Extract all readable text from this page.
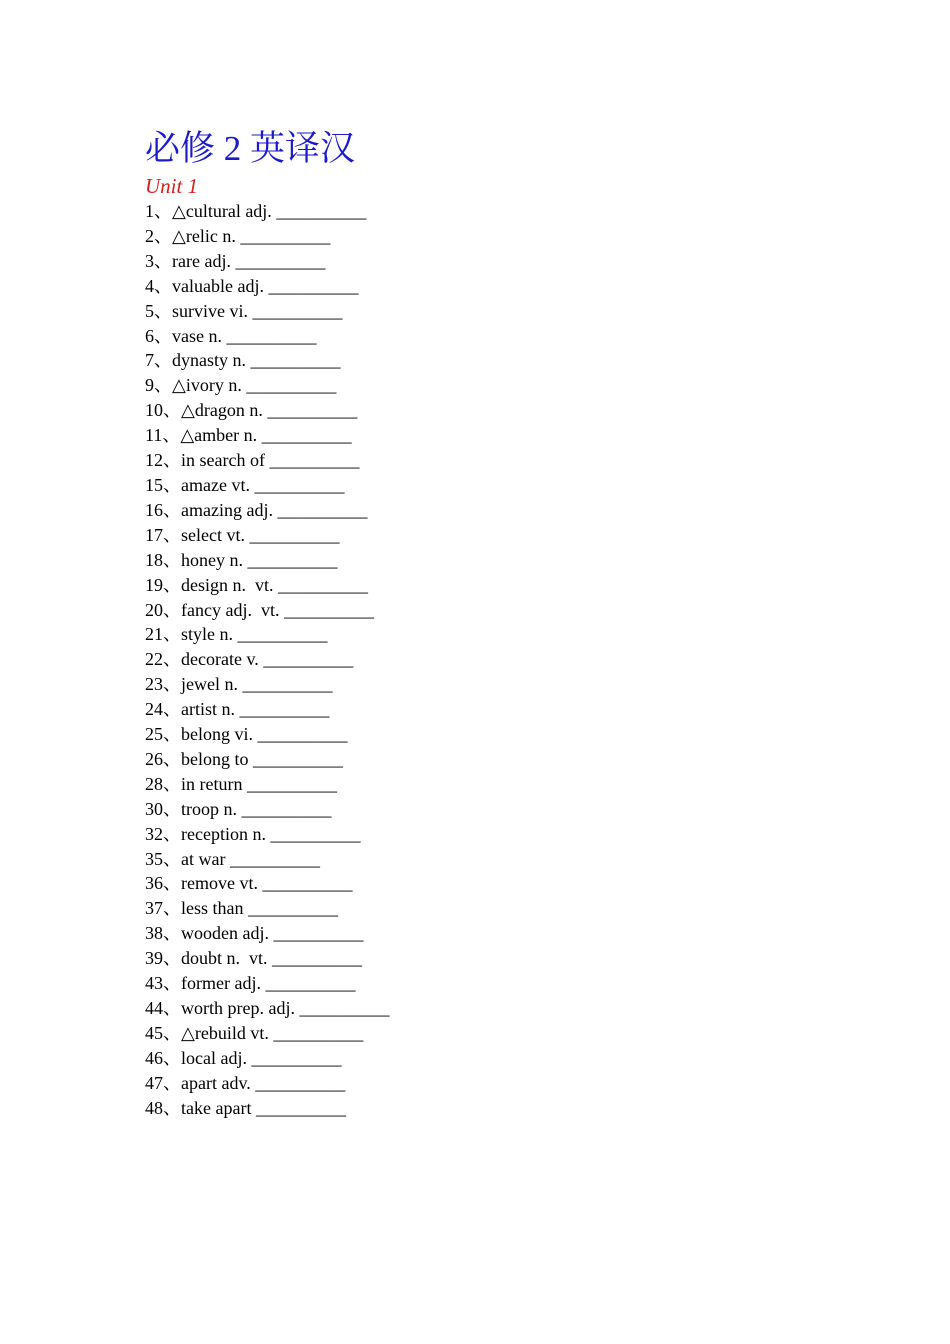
必修 2 英译汉
Unit 1
1、△cultural adj. __________
2、△relic n. __________
3、rare adj. __________
4、valuable adj. __________
5、survive vi. __________
6、vase n. __________
7、dynasty n. __________
9、△ivory n. __________
10、△dragon n. __________
11、△amber n. __________
12、in search of __________
15、amaze vt. __________
16、amazing adj. __________
17、select vt. __________
18、honey n. __________
19、design n.  vt. __________
20、fancy adj.  vt. __________
21、style n. __________
22、decorate v. __________
23、jewel n. __________
24、artist n. __________
25、belong vi. __________
26、belong to __________
28、in return __________
30、troop n. __________
32、reception n. __________
35、at war __________
36、remove vt. __________
37、less than __________
38、wooden adj. __________
39、doubt n.  vt. __________
43、former adj. __________
44、worth prep. adj. __________
45、△rebuild vt. __________
46、local adj. __________
47、apart adv. __________
48、take apart __________
